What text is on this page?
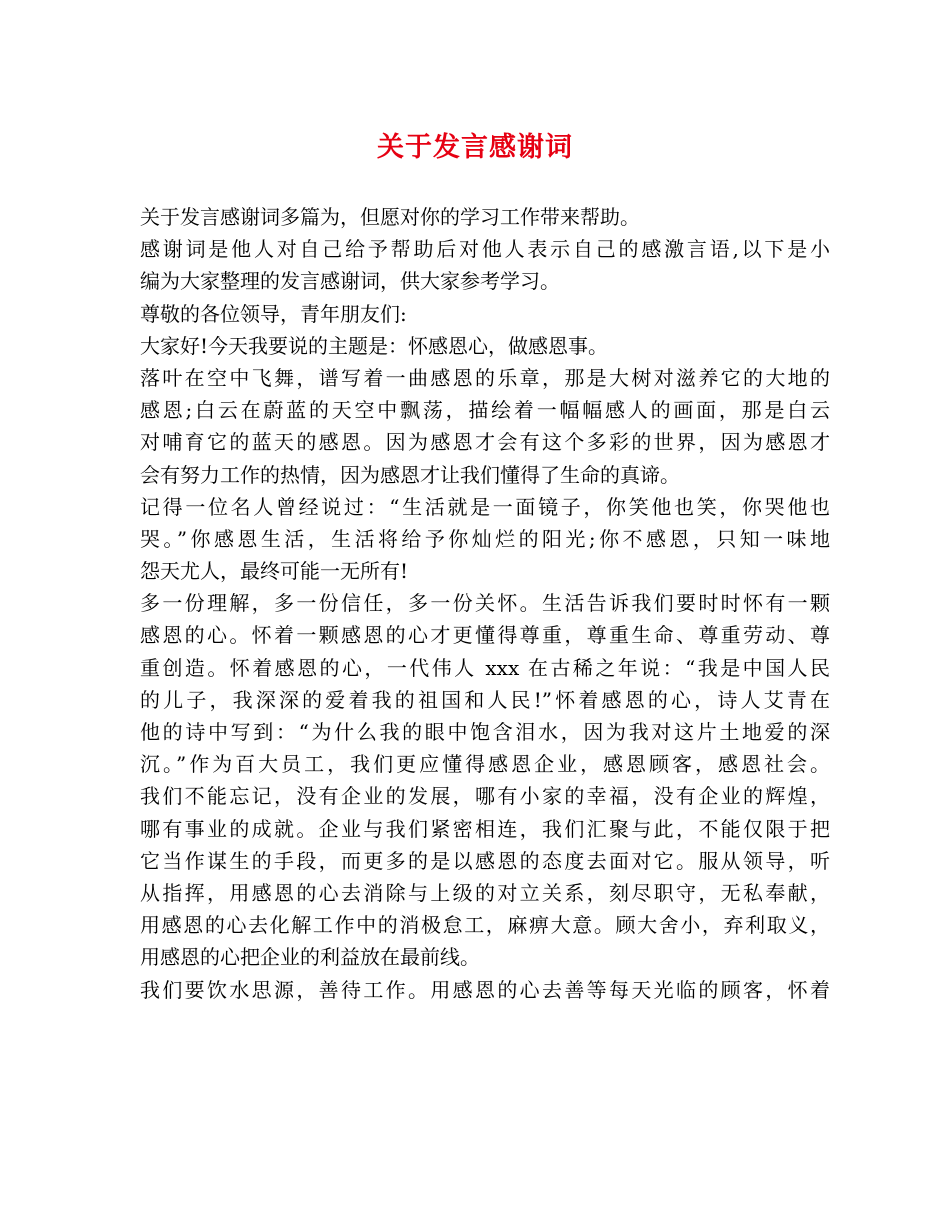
关于发言感谢词

关于发言感谢词多篇为，但愿对你的学习工作带来帮助。

感谢词是他人对自己给予帮助后对他人表示自己的感激言语,以下是小

编为大家整理的发言感谢词，供大家参考学习。

尊敬的各位领导，青年朋友们:

大家好!今天我要说的主题是：怀感恩心，做感恩事。

落叶在空中飞舞，谱写着一曲感恩的乐章，那是大树对滋养它的大地的

感恩;白云在蔚蓝的天空中飘荡，描绘着一幅幅感人的画面，那是白云

对哺育它的蓝天的感恩。因为感恩才会有这个多彩的世界，因为感恩才

会有努力工作的热情，因为感恩才让我们懂得了生命的真谛。

记得一位名人曾经说过：“生活就是一面镜子，你笑他也笑，你哭他也

哭。”你感恩生活，生活将给予你灿烂的阳光;你不感恩，只知一味地

怨天尤人，最终可能一无所有!

多一份理解，多一份信任，多一份关怀。生活告诉我们要时时怀有一颗

感恩的心。怀着一颗感恩的心才更懂得尊重，尊重生命、尊重劳动、尊

重创造。怀着感恩的心，一代伟人 xxx 在古稀之年说：“我是中国人民

的儿子，我深深的爱着我的祖国和人民!”怀着感恩的心，诗人艾青在

他的诗中写到：“为什么我的眼中饱含泪水，因为我对这片土地爱的深

沉。”作为百大员工，我们更应懂得感恩企业，感恩顾客，感恩社会。

我们不能忘记，没有企业的发展，哪有小家的幸福，没有企业的辉煌，

哪有事业的成就。企业与我们紧密相连，我们汇聚与此，不能仅限于把

它当作谋生的手段，而更多的是以感恩的态度去面对它。服从领导，听

从指挥，用感恩的心去消除与上级的对立关系，刻尽职守，无私奉献，

用感恩的心去化解工作中的消极怠工，麻痹大意。顾大舍小，弃利取义，

用感恩的心把企业的利益放在最前线。

我们要饮水思源，善待工作。用感恩的心去善等每天光临的顾客，怀着
